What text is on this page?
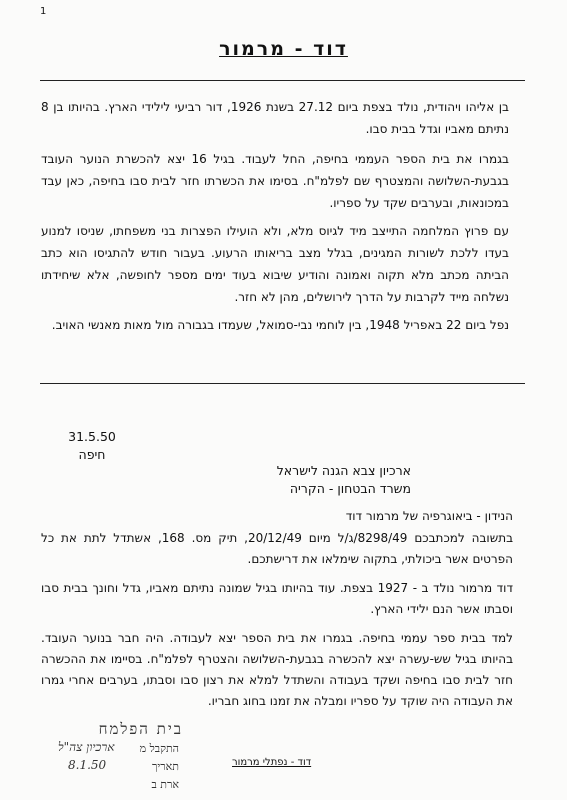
1
דוד - מרמור
בן אליהו ויהודית, נולד בצפת ביום 27.12 בשנת 1926, דור רביעי לילידי הארץ. בהיותו בן 8 נתיתם מאביו וגדל בבית סבו.
בגמרו את בית הספר העממי בחיפה, החל לעבוד. בגיל 16 יצא להכשרת הנוער העובד בגבעת-השלושה והמצטרף שם לפלמ"ח. בסימו את הכשרתו חזר לבית סבו בחיפה, כאן עבד במכונאות, ובערבים שקד על ספריו.
עם פרוץ המלחמה התייצב מיד לגיוס מלא, ולא הועילו הפצרות בני משפחתו, שניסו למנוע בעדו ללכת לשורות המגינים, בגלל מצב בריאותו הרעוע. בעבור חודש להתגיסו הוא כתב הביתה מכתב מלא תקוה ואמונה והודיע שיבוא בעוד ימים מספר לחופשה, אלא שיחידתו נשלחה מייד לקרבות על הדרך לירושלים, מהן לא חזר.
נפל ביום 22 באפריל 1948, בין לוחמי נבי-סמואל, שעמדו בגבורה מול מאות מאנשי האויב.
31.5.50
חיפה
ארכיון צבא הגנה לישראל
משרד הבטחון - הקריה
הנידון - ביאוגרפיה של מרמור דוד
בתשובה למכתבכם 8298/49/ג/ל מיום 20/12/49, תיק מס. 168, אשתדל לתת את כל הפרטים אשר ביכולתי, בתקוה שימלאו את דרישתכם.
דוד מרמור נולד ב - 1927 בצפת. עוד בהיותו בגיל שמונה נתיתם מאביו, גדל וחונך בבית סבו וסבתו אשר הנם ילידי הארץ.
למד בבית ספר עממי בחיפה. בגמרו את בית הספר יצא לעבודה. היה חבר בנוער העובד. בהיותו בגיל שש-עשרה יצא להכשרה בגבעת-השלושה והצטרף לפלמ"ח. בסיימו את ההכשרה חזר לבית סבו בחיפה ושקד בעבודה והשתדל למלא את רצון סבו וסבתו, בערבים אחרי גמרו את העבודה היה שוקד על ספריו ומבלה את זמנו בחוג חבריו.
בית הפלמח
התקבל מ
ארכיון צה"ל
תאריך
8.1.50
ארת ב
דוד - נפתלי מרמור
